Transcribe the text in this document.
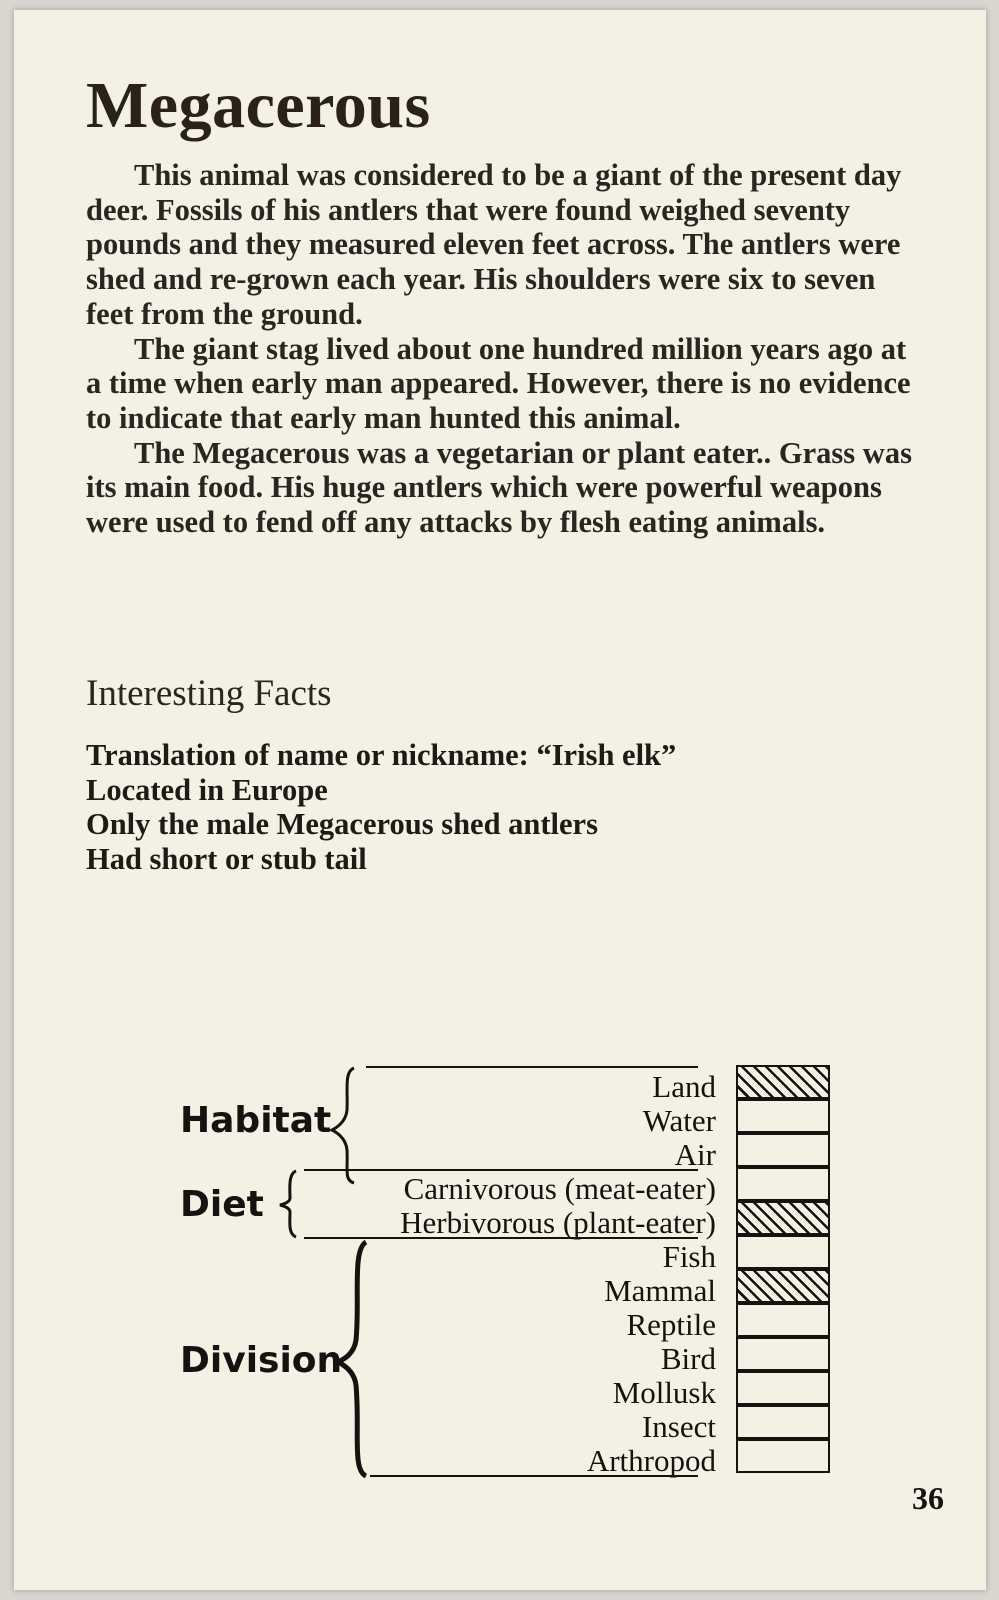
Megacerous

This animal was considered to be a giant of the present day deer. Fossils of his antlers that were found weighed seventy pounds and they measured eleven feet across. The antlers were shed and re-grown each year. His shoulders were six to seven feet from the ground.

The giant stag lived about one hundred million years ago at a time when early man appeared. However, there is no evidence to indicate that early man hunted this animal.

The Megacerous was a vegetarian or plant eater.. Grass was its main food. His huge antlers which were powerful weapons were used to fend off any attacks by flesh eating animals.

Interesting Facts
Translation of name or nickname: “Irish elk”
Located in Europe
Only the male Megacerous shed antlers
Had short or stub tail
Habitat
Diet
Division
Land
Water
Air
Carnivorous (meat-eater)
Herbivorous (plant-eater)
Fish
Mammal
Reptile
Bird
Mollusk
Insect
Arthropod
36
